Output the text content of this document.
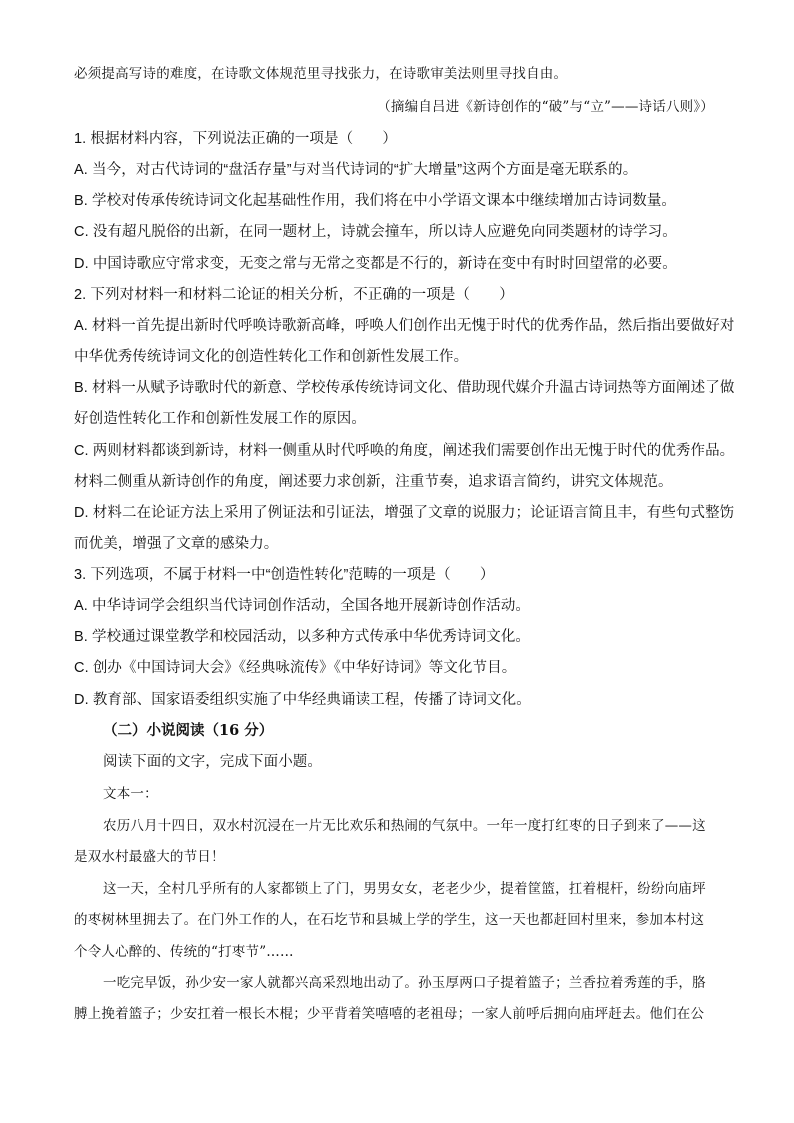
必须提高写诗的难度，在诗歌文体规范里寻找张力，在诗歌审美法则里寻找自由。
（摘编自吕进《新诗创作的“破”与“立”——诗话八则》）
1. 根据材料内容，下列说法正确的一项是（　　）
A. 当今，对古代诗词的“盘活存量”与对当代诗词的“扩大增量”这两个方面是毫无联系的。
B. 学校对传承传统诗词文化起基础性作用，我们将在中小学语文课本中继续增加古诗词数量。
C. 没有超凡脱俗的出新，在同一题材上，诗就会撞车，所以诗人应避免向同类题材的诗学习。
D. 中国诗歌应守常求变，无变之常与无常之变都是不行的，新诗在变中有时时回望常的必要。
2. 下列对材料一和材料二论证的相关分析，不正确的一项是（　　）
A. 材料一首先提出新时代呼唤诗歌新高峰，呼唤人们创作出无愧于时代的优秀作品，然后指出要做好对
中华优秀传统诗词文化的创造性转化工作和创新性发展工作。
B. 材料一从赋予诗歌时代的新意、学校传承传统诗词文化、借助现代媒介升温古诗词热等方面阐述了做
好创造性转化工作和创新性发展工作的原因。
C. 两则材料都谈到新诗，材料一侧重从时代呼唤的角度，阐述我们需要创作出无愧于时代的优秀作品。
材料二侧重从新诗创作的角度，阐述要力求创新，注重节奏，追求语言简约，讲究文体规范。
D. 材料二在论证方法上采用了例证法和引证法，增强了文章的说服力；论证语言简且丰，有些句式整饬
而优美，增强了文章的感染力。
3. 下列选项，不属于材料一中“创造性转化”范畴的一项是（　　）
A. 中华诗词学会组织当代诗词创作活动，全国各地开展新诗创作活动。
B. 学校通过课堂教学和校园活动，以多种方式传承中华优秀诗词文化。
C. 创办《中国诗词大会》《经典咏流传》《中华好诗词》等文化节目。
D. 教育部、国家语委组织实施了中华经典诵读工程，传播了诗词文化。
（二）小说阅读（16 分）
阅读下面的文字，完成下面小题。
文本一：
农历八月十四日，双水村沉浸在一片无比欢乐和热闹的气氛中。一年一度打红枣的日子到来了——这
是双水村最盛大的节日！
这一天，全村几乎所有的人家都锁上了门，男男女女，老老少少，提着筐篮，扛着棍杆，纷纷向庙坪
的枣树林里拥去了。在门外工作的人，在石圪节和县城上学的学生，这一天也都赶回村里来，参加本村这
个令人心醉的、传统的“打枣节”……
一吃完早饭，孙少安一家人就都兴高采烈地出动了。孙玉厚两口子提着篮子；兰香拉着秀莲的手，胳
膊上挽着篮子；少安扛着一根长木棍；少平背着笑嘻嘻的老祖母；一家人前呼后拥向庙坪赶去。他们在公
